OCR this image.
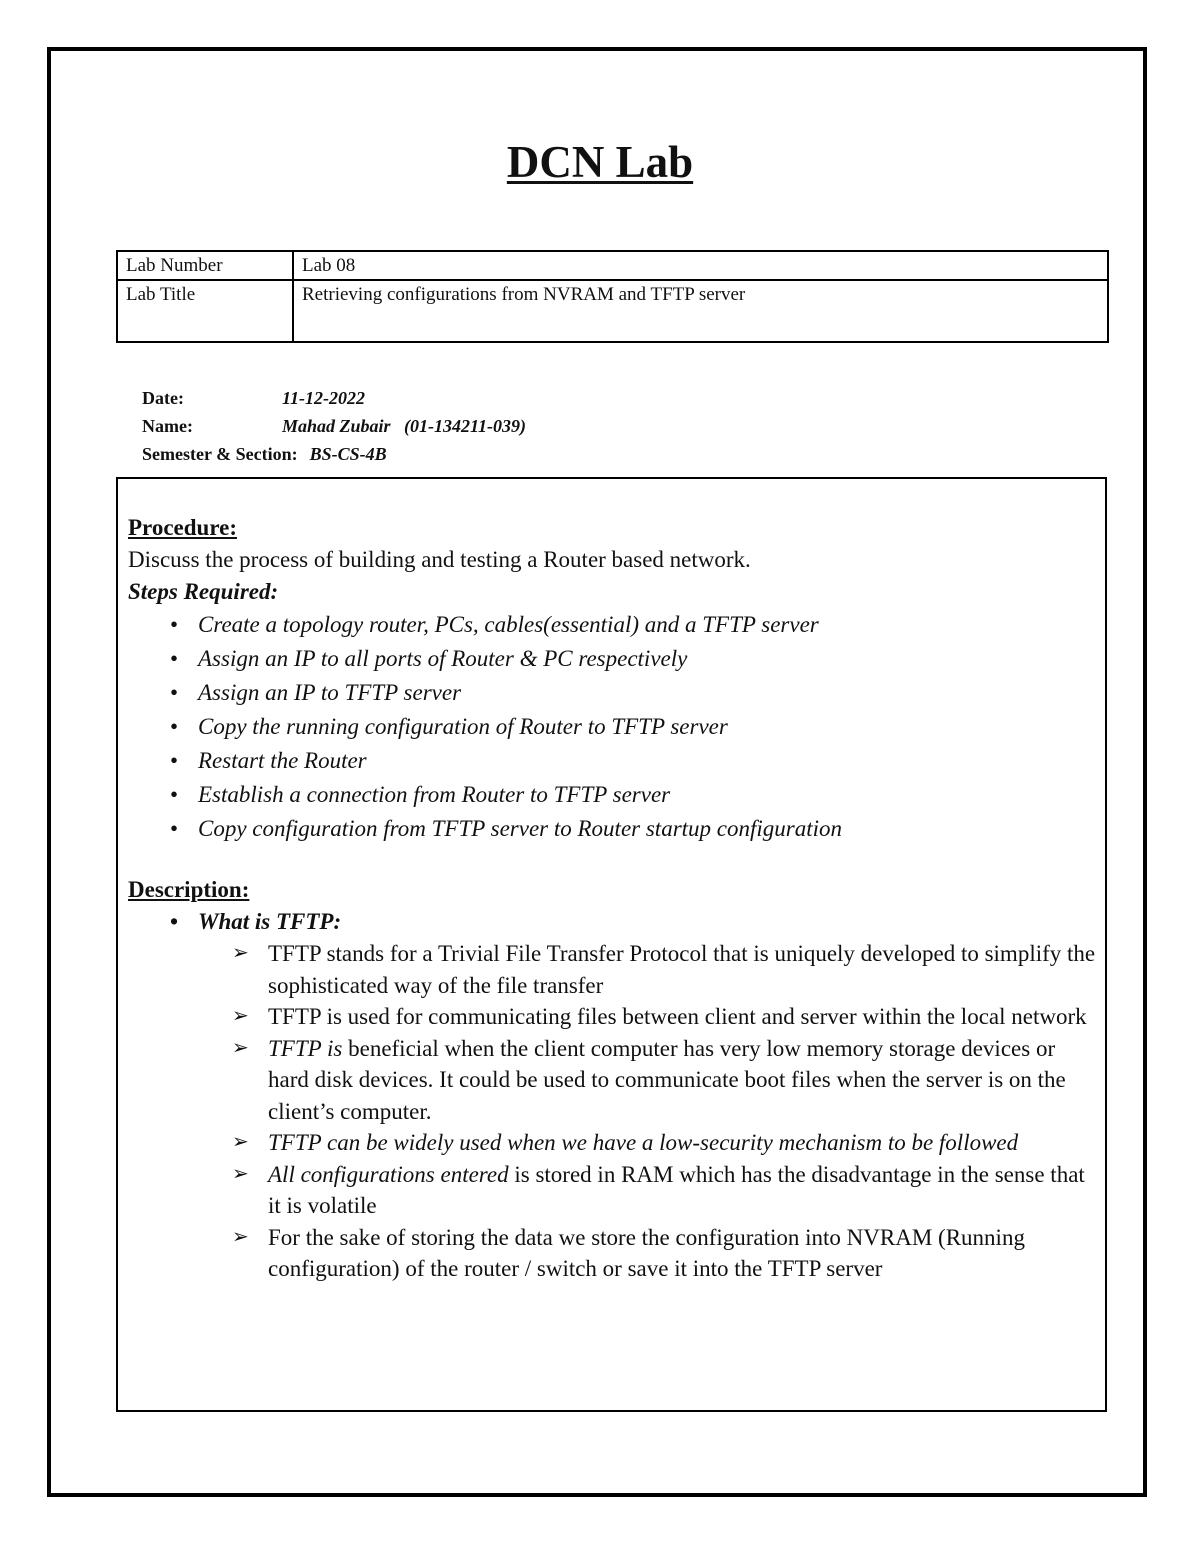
DCN Lab
Lab Number	Lab 08
Lab Title	Retrieving configurations from NVRAM and TFTP server
Date:	11-12-2022
Name:	Mahad Zubair   (01-134211-039)
Semester & Section: BS-CS-4B
Procedure:
Discuss the process of building and testing a Router based network.
Steps Required:
• Create a topology router, PCs, cables(essential) and a TFTP server
• Assign an IP to all ports of Router & PC respectively
• Assign an IP to TFTP server
• Copy the running configuration of Router to TFTP server
• Restart the Router
• Establish a connection from Router to TFTP server
• Copy configuration from TFTP server to Router startup configuration
Description:
• What is TFTP:
➢ TFTP stands for a Trivial File Transfer Protocol that is uniquely developed to simplify the sophisticated way of the file transfer
➢ TFTP is used for communicating files between client and server within the local network
➢ TFTP is beneficial when the client computer has very low memory storage devices or hard disk devices. It could be used to communicate boot files when the server is on the client’s computer.
➢ TFTP can be widely used when we have a low-security mechanism to be followed
➢ All configurations entered is stored in RAM which has the disadvantage in the sense that it is volatile
➢ For the sake of storing the data we store the configuration into NVRAM (Running configuration) of the router / switch or save it into the TFTP server
